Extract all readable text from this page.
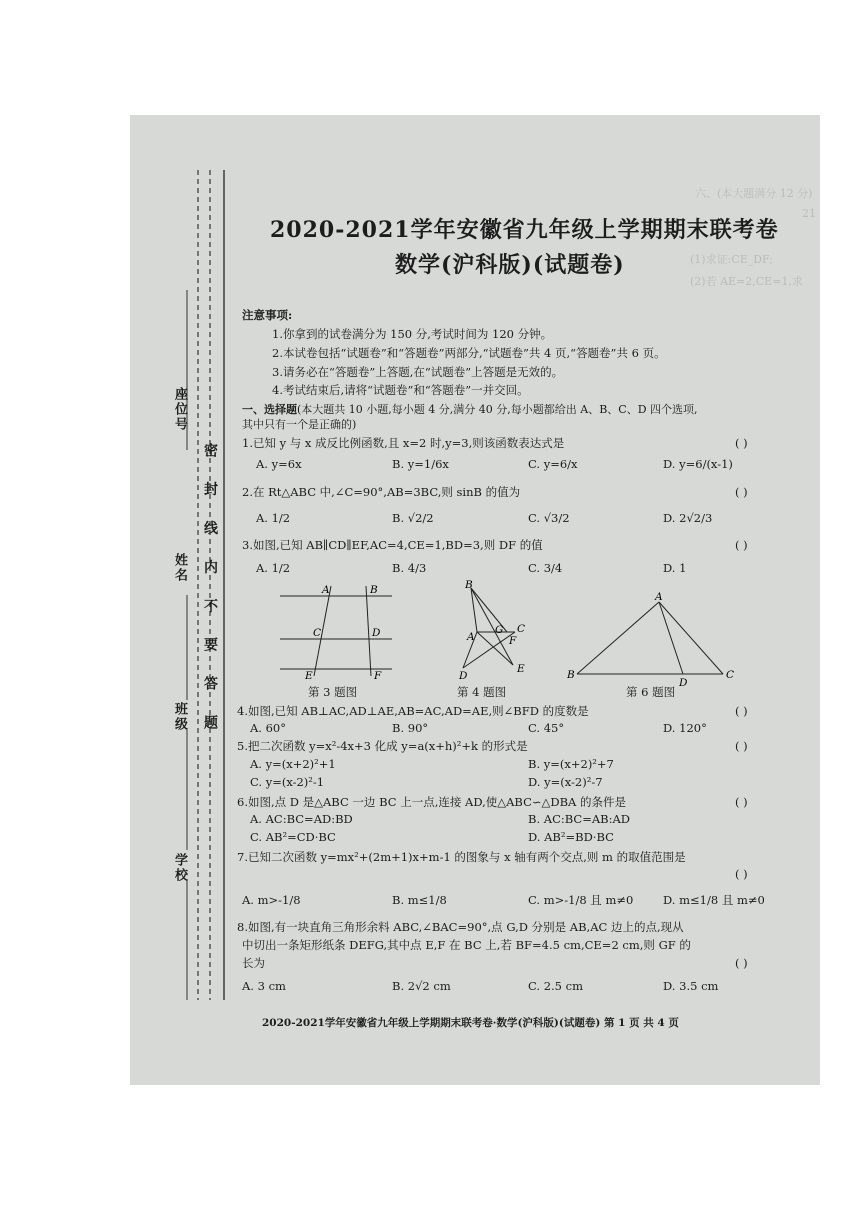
六、(本大题满分 12 分)
21
(1)求证:CE_DF;
(2)若 AE=2,CE=1,求
座位号
姓名
班级
学校
密 封 线 内 不 要 答 题
2020-2021学年安徽省九年级上学期期末联考卷
数学(沪科版)(试题卷)
注意事项:
1.你拿到的试卷满分为 150 分,考试时间为 120 分钟。
2.本试卷包括“试题卷”和“答题卷”两部分,“试题卷”共 4 页,“答题卷”共 6 页。
3.请务必在“答题卷”上答题,在“试题卷”上答题是无效的。
4.考试结束后,请将“试题卷”和“答题卷”一并交回。
一、选择题(本大题共 10 小题,每小题 4 分,满分 40 分,每小题都给出 A、B、C、D 四个选项,
其中只有一个是正确的)
1.已知 y 与 x 成反比例函数,且 x=2 时,y=3,则该函数表达式是	( )
A. y=6x	B. y=1/6x	C. y=6/x	D. y=6/(x-1)
2.在 Rt△ABC 中,∠C=90°,AB=3BC,则 sinB 的值为	( )
A. 1/2	B. √2/2	C. √3/2	D. 2√2/3
3.如图,已知 AB∥CD∥EF,AC=4,CE=1,BD=3,则 DF 的值	( )
A. 1/2	B. 4/3	C. 3/4	D. 1
A	B
C	D
E	F
第 3 题图
B
A
G C
F
D
E
第 4 题图
A
B
D
C
第 6 题图
4.如图,已知 AB⊥AC,AD⊥AE,AB=AC,AD=AE,则∠BFD 的度数是	( )
A. 60°	B. 90°	C. 45°	D. 120°
5.把二次函数 y=x²-4x+3 化成 y=a(x+h)²+k 的形式是	( )
A. y=(x+2)²+1	B. y=(x+2)²+7
C. y=(x-2)²-1	D. y=(x-2)²-7
6.如图,点 D 是△ABC 一边 BC 上一点,连接 AD,使△ABC∽△DBA 的条件是	( )
A. AC:BC=AD:BD	B. AC:BC=AB:AD
C. AB²=CD·BC	D. AB²=BD·BC
7.已知二次函数 y=mx²+(2m+1)x+m-1 的图象与 x 轴有两个交点,则 m 的取值范围是
( )
A. m>-1/8	B. m≤1/8	C. m>-1/8 且 m≠0	D. m≤1/8 且 m≠0
8.如图,有一块直角三角形余料 ABC,∠BAC=90°,点 G,D 分别是 AB,AC 边上的点,现从
中切出一条矩形纸条 DEFG,其中点 E,F 在 BC 上,若 BF=4.5 cm,CE=2 cm,则 GF 的
长为	( )
A. 3 cm	B. 2√2 cm	C. 2.5 cm	D. 3.5 cm
2020-2021学年安徽省九年级上学期期末联考卷·数学(沪科版)(试题卷) 第 1 页 共 4 页
